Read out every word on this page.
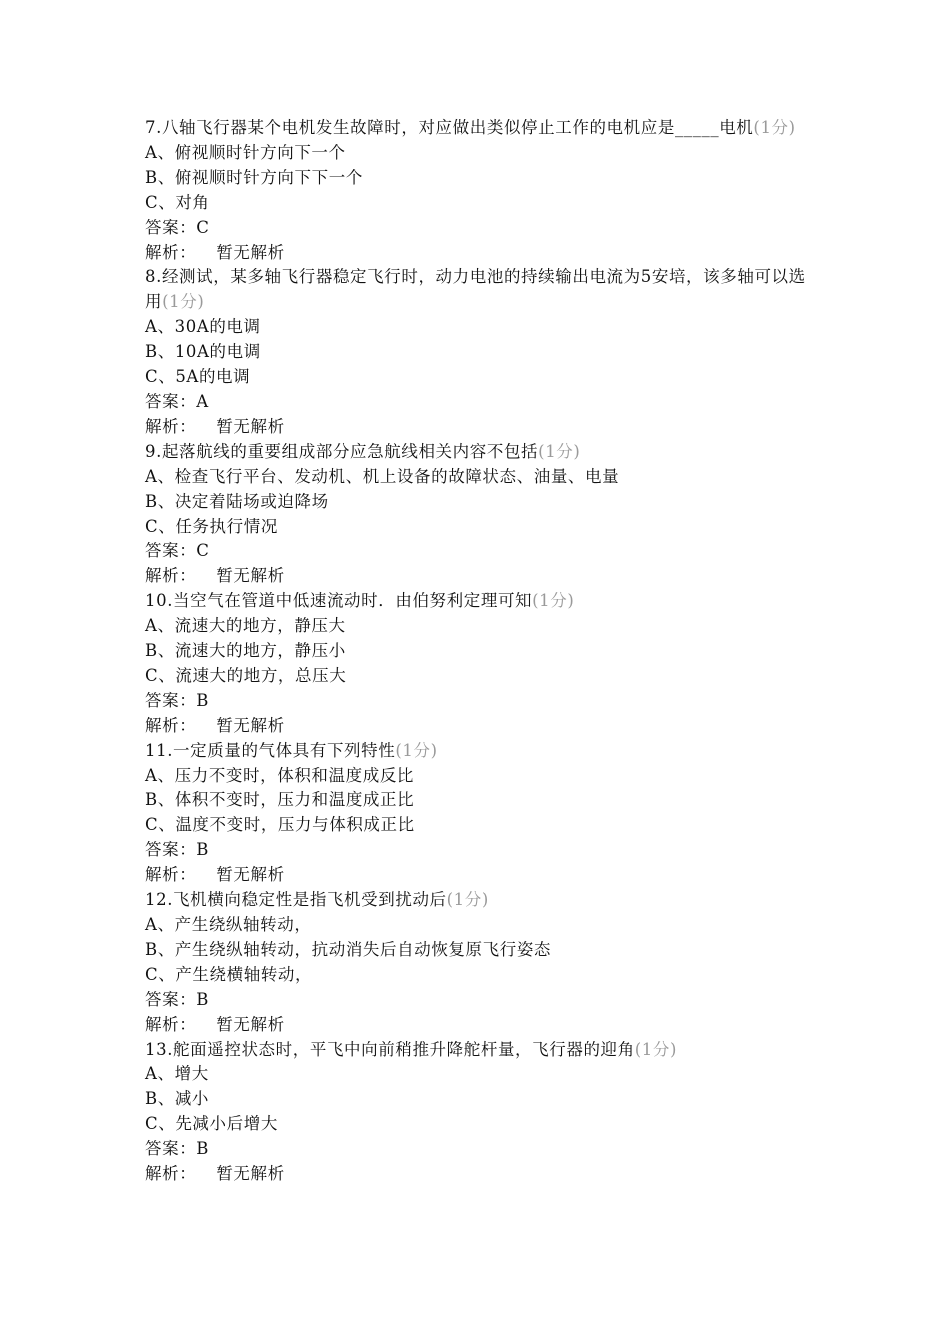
7.八轴飞行器某个电机发生故障时，对应做出类似停止工作的电机应是_____电机(1分)
A、俯视顺时针方向下一个
B、俯视顺时针方向下下一个
C、对角
答案：C
解析： 暂无解析
8.经测试，某多轴飞行器稳定飞行时，动力电池的持续输出电流为5安培，该多轴可以选用(1分)
A、30A的电调
B、10A的电调
C、5A的电调
答案：A
解析： 暂无解析
9.起落航线的重要组成部分应急航线相关内容不包括(1分)
A、检查飞行平台、发动机、机上设备的故障状态、油量、电量
B、决定着陆场或迫降场
C、任务执行情况
答案：C
解析： 暂无解析
10.当空气在管道中低速流动时．由伯努利定理可知(1分)
A、流速大的地方，静压大
B、流速大的地方，静压小
C、流速大的地方，总压大
答案：B
解析： 暂无解析
11.一定质量的气体具有下列特性(1分)
A、压力不变时，体积和温度成反比
B、体积不变时，压力和温度成正比
C、温度不变时，压力与体积成正比
答案：B
解析： 暂无解析
12.飞机横向稳定性是指飞机受到扰动后(1分)
A、产生绕纵轴转动，
B、产生绕纵轴转动，抗动消失后自动恢复原飞行姿态
C、产生绕横轴转动，
答案：B
解析： 暂无解析
13.舵面遥控状态时，平飞中向前稍推升降舵杆量，飞行器的迎角(1分)
A、增大
B、减小
C、先减小后增大
答案：B
解析： 暂无解析
